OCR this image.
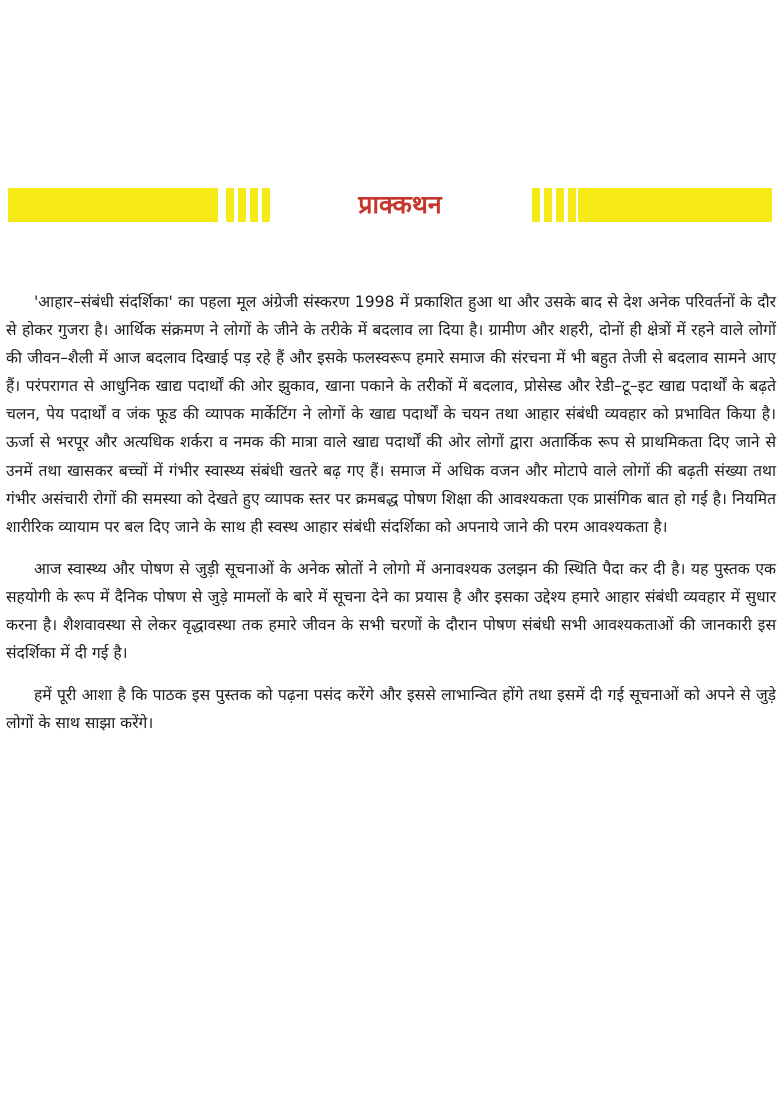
प्राक्कथन

'आहार–संबंधी संदर्शिका' का पहला मूल अंग्रेजी संस्करण 1998 में प्रकाशित हुआ था और उसके बाद से देश अनेक परिवर्तनों के दौर से होकर गुजरा है। आर्थिक संक्रमण ने लोगों के जीने के तरीके में बदलाव ला दिया है। ग्रामीण और शहरी, दोनों ही क्षेत्रों में रहने वाले लोगों की जीवन–शैली में आज बदलाव दिखाई पड़ रहे हैं और इसके फलस्वरूप हमारे समाज की संरचना में भी बहुत तेजी से बदलाव सामने आए हैं। परंपरागत से आधुनिक खाद्य पदार्थों की ओर झुकाव, खाना पकाने के तरीकों में बदलाव, प्रोसेस्ड और रेडी–टू–इट खाद्य पदार्थों के बढ़ते चलन, पेय पदार्थों व जंक फूड की व्यापक मार्केटिंग ने लोगों के खाद्य पदार्थों के चयन तथा आहार संबंधी व्यवहार को प्रभावित किया है। ऊर्जा से भरपूर और अत्यधिक शर्करा व नमक की मात्रा वाले खाद्य पदार्थों की ओर लोगों द्वारा अतार्किक रूप से प्राथमिकता दिए जाने से उनमें तथा खासकर बच्चों में गंभीर स्वास्थ्य संबंधी खतरे बढ़ गए हैं। समाज में अधिक वजन और मोटापे वाले लोगों की बढ़ती संख्या तथा गंभीर असंचारी रोगों की समस्या को देखते हुए व्यापक स्तर पर क्रमबद्ध पोषण शिक्षा की आवश्यकता एक प्रासंगिक बात हो गई है। नियमित शारीरिक व्यायाम पर बल दिए जाने के साथ ही स्वस्थ आहार संबंधी संदर्शिका को अपनाये जाने की परम आवश्यकता है।

आज स्वास्थ्य और पोषण से जुड़ी सूचनाओं के अनेक स्रोतों ने लोगो में अनावश्यक उलझन की स्थिति पैदा कर दी है। यह पुस्तक एक सहयोगी के रूप में दैनिक पोषण से जुड़े मामलों के बारे में सूचना देने का प्रयास है और इसका उद्देश्य हमारे आहार संबंधी व्यवहार में सुधार करना है। शैशवावस्था से लेकर वृद्धावस्था तक हमारे जीवन के सभी चरणों के दौरान पोषण संबंधी सभी आवश्यकताओं की जानकारी इस संदर्शिका में दी गई है।

हमें पूरी आशा है कि पाठक इस पुस्तक को पढ़ना पसंद करेंगे और इससे लाभान्वित होंगे तथा इसमें दी गई सूचनाओं को अपने से जुड़े लोगों के साथ साझा करेंगे।
